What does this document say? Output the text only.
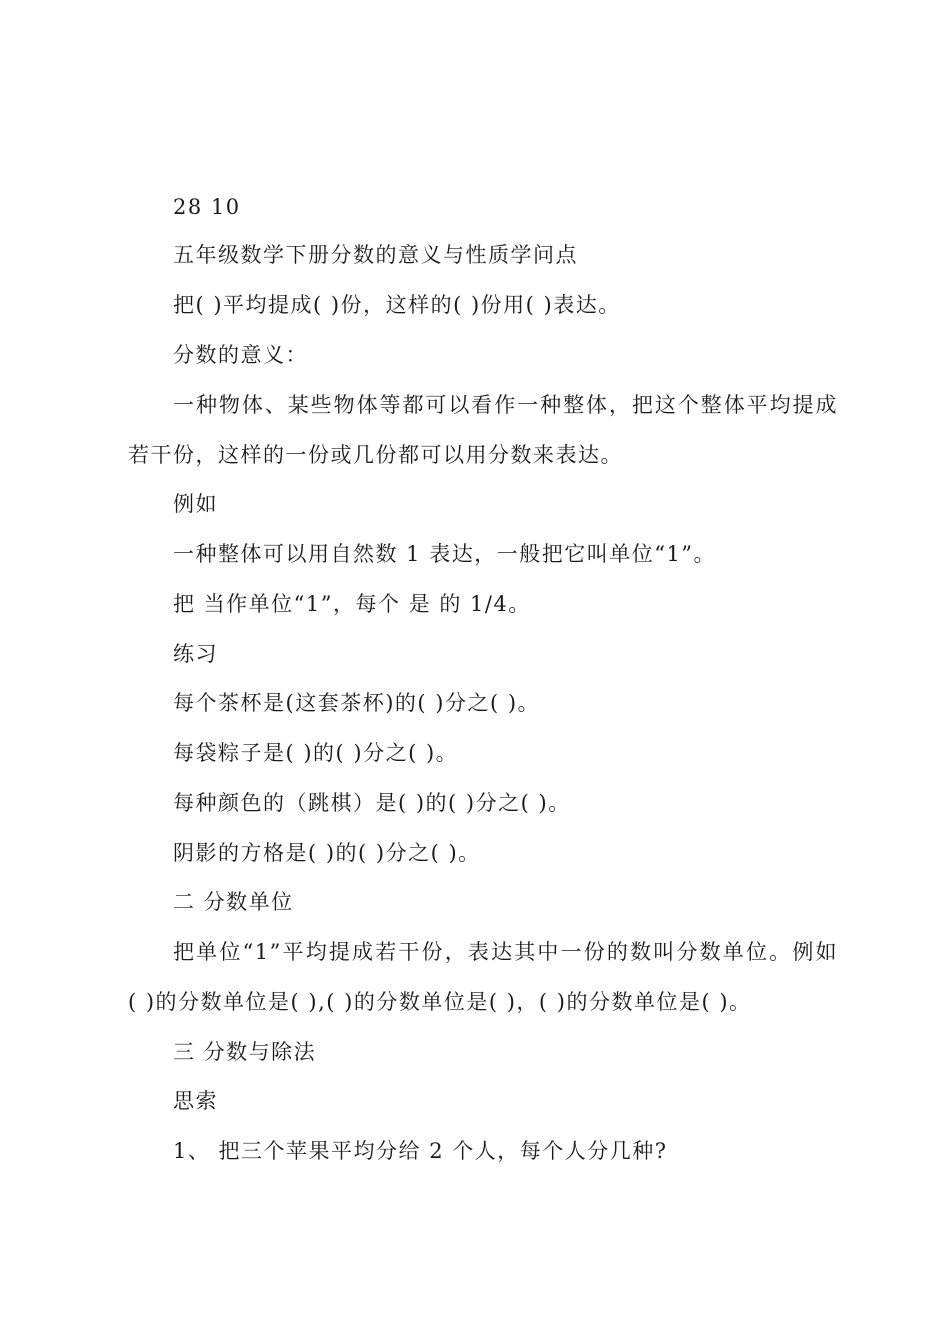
28 10
五年级数学下册分数的意义与性质学问点
把( )平均提成( )份，这样的( )份用( )表达。
分数的意义：
一种物体、某些物体等都可以看作一种整体，把这个整体平均提成
若干份，这样的一份或几份都可以用分数来表达。
例如
一种整体可以用自然数 1 表达，一般把它叫单位“1”。
把 当作单位“1”，每个 是 的 1/4。
练习
每个茶杯是(这套茶杯)的( )分之( )。
每袋粽子是( )的( )分之( )。
每种颜色的（跳棋）是( )的( )分之( )。
阴影的方格是( )的( )分之( )。
二 分数单位
把单位“1”平均提成若干份，表达其中一份的数叫分数单位。例如
( )的分数单位是( ),( )的分数单位是( )，( )的分数单位是( )。
三 分数与除法
思索
1、 把三个苹果平均分给 2 个人，每个人分几种?
